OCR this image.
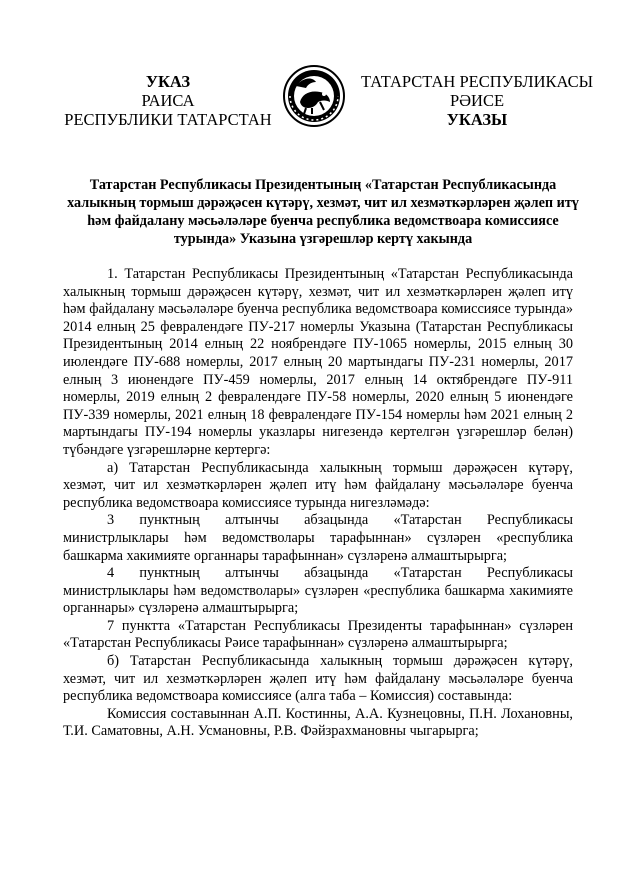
УКАЗ
РАИСА
РЕСПУБЛИКИ ТАТАРСТАН
ТАТАРСТАН РЕСПУБЛИКАСЫ
РӘИСЕ
УКАЗЫ
Татарстан Республикасы Президентының «Татарстан Республикасында халыкның тормыш дәрәҗәсен күтәрү, хезмәт, чит ил хезмәткәрләрен җәлеп итү һәм файдалану мәсьәләләре буенча республика ведомствоара комиссиясе турында» Указына үзгәрешләр кертү хакында

1. Татарстан Республикасы Президентының «Татарстан Республикасында халыкның тормыш дәрәҗәсен күтәрү, хезмәт, чит ил хезмәткәрләрен җәлеп итү һәм файдалану мәсьәләләре буенча республика ведомствоара комиссиясе турында» 2014 елның 25 февралендәге ПУ-217 номерлы Указына (Татарстан Республикасы Президентының 2014 елның 22 ноябрендәге ПУ-1065 номерлы, 2015 елның 30 июлендәге ПУ-688 номерлы, 2017 елның 20 мартындагы ПУ-231 номерлы, 2017 елның 3 июнендәге ПУ-459 номерлы, 2017 елның 14 октябрендәге ПУ-911 номерлы, 2019 елның 2 февралендәге ПУ-58 номерлы, 2020 елның 5 июнендәге ПУ-339 номерлы, 2021 елның 18 февралендәге ПУ-154 номерлы һәм 2021 елның 2 мартындагы ПУ-194 номерлы указлары нигезендә кертелгән үзгәрешләр белән) түбәндәге үзгәрешләрне кертергә:

а) Татарстан Республикасында халыкның тормыш дәрәҗәсен күтәрү, хезмәт, чит ил хезмәткәрләрен җәлеп итү һәм файдалану мәсьәләләре буенча республика ведомствоара комиссиясе турында нигезләмәдә:

3 пунктның алтынчы абзацында «Татарстан Республикасы министрлыклары һәм ведомстволары тарафыннан» сүзләрен «республика башкарма хакимияте органнары тарафыннан» сүзләренә алмаштырырга;

4 пунктның алтынчы абзацында «Татарстан Республикасы министрлыклары һәм ведомстволары» сүзләрен «республика башкарма хакимияте органнары» сүзләренә алмаштырырга;

7 пунктта «Татарстан Республикасы Президенты тарафыннан» сүзләрен «Татарстан Республикасы Рәисе тарафыннан» сүзләренә алмаштырырга;

б) Татарстан Республикасында халыкның тормыш дәрәҗәсен күтәрү, хезмәт, чит ил хезмәткәрләрен җәлеп итү һәм файдалану мәсьәләләре буенча республика ведомствоара комиссиясе (алга таба – Комиссия) составында:

Комиссия составыннан А.П. Костинны, А.А. Кузнецовны, П.Н. Лохановны, Т.И. Саматовны, А.Н. Усмановны, Р.В. Фәйзрахмановны чыгарырга;
